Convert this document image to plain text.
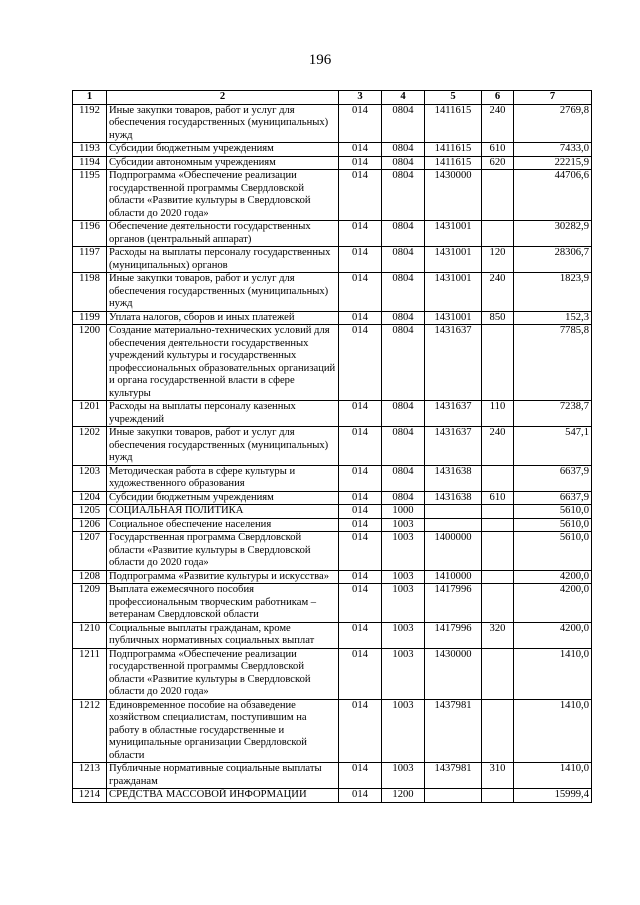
196
1	2	3	4	5	6	7
1192	Иные закупки товаров, работ и услуг для обеспечения государственных (муниципальных) нужд	014	0804	1411615	240	2769,8
1193	Субсидии бюджетным учреждениям	014	0804	1411615	610	7433,0
1194	Субсидии автономным учреждениям	014	0804	1411615	620	22215,9
1195	Подпрограмма «Обеспечение реализации государственной программы Свердловской области «Развитие культуры в Свердловской области до 2020 года»	014	0804	1430000		44706,6
1196	Обеспечение деятельности государственных органов (центральный аппарат)	014	0804	1431001		30282,9
1197	Расходы на выплаты персоналу государственных (муниципальных) органов	014	0804	1431001	120	28306,7
1198	Иные закупки товаров, работ и услуг для обеспечения государственных (муниципальных) нужд	014	0804	1431001	240	1823,9
1199	Уплата налогов, сборов и иных платежей	014	0804	1431001	850	152,3
1200	Создание материально-технических условий для обеспечения деятельности государственных учреждений культуры и государственных профессиональных образовательных организаций и органа государственной власти в сфере культуры	014	0804	1431637		7785,8
1201	Расходы на выплаты персоналу казенных учреждений	014	0804	1431637	110	7238,7
1202	Иные закупки товаров, работ и услуг для обеспечения государственных (муниципальных) нужд	014	0804	1431637	240	547,1
1203	Методическая работа в сфере культуры и художественного образования	014	0804	1431638		6637,9
1204	Субсидии бюджетным учреждениям	014	0804	1431638	610	6637,9
1205	СОЦИАЛЬНАЯ ПОЛИТИКА	014	1000			5610,0
1206	Социальное обеспечение населения	014	1003			5610,0
1207	Государственная программа Свердловской области «Развитие культуры в Свердловской области до 2020 года»	014	1003	1400000		5610,0
1208	Подпрограмма «Развитие культуры и искусства»	014	1003	1410000		4200,0
1209	Выплата ежемесячного пособия профессиональным творческим работникам – ветеранам Свердловской области	014	1003	1417996		4200,0
1210	Социальные выплаты гражданам, кроме публичных нормативных социальных выплат	014	1003	1417996	320	4200,0
1211	Подпрограмма «Обеспечение реализации государственной программы Свердловской области «Развитие культуры в Свердловской области до 2020 года»	014	1003	1430000		1410,0
1212	Единовременное пособие на обзаведение хозяйством специалистам, поступившим на работу в областные государственные и муниципальные организации Свердловской области	014	1003	1437981		1410,0
1213	Публичные нормативные социальные выплаты гражданам	014	1003	1437981	310	1410,0
1214	СРЕДСТВА МАССОВОЙ ИНФОРМАЦИИ	014	1200			15999,4
